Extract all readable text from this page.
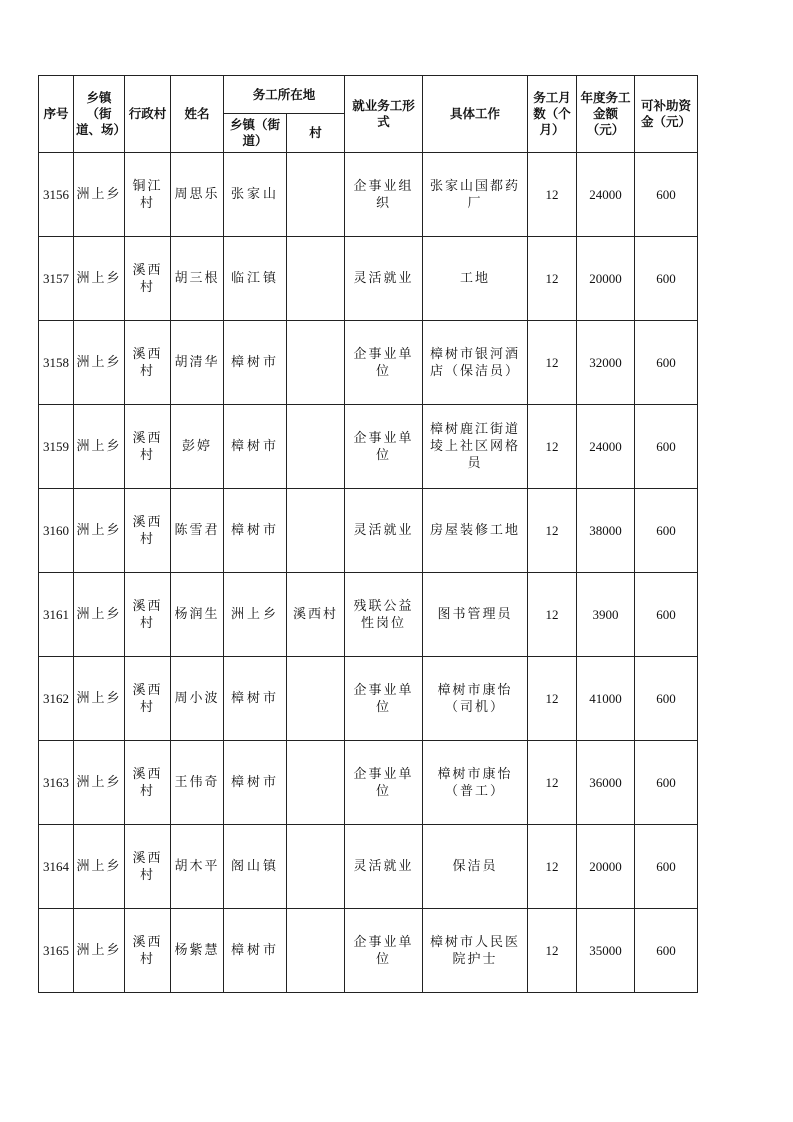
序号	乡镇（街道、场）	行政村	姓名	务工所在地		就业务工形式	具体工作	务工月数（个月）	年度务工金额（元）	可补助资金（元）
				乡镇（街道）	村					
3156	洲上乡	铜江村	周思乐	张家山		企事业组织	张家山国都药厂	12	24000	600
3157	洲上乡	溪西村	胡三根	临江镇		灵活就业	工地	12	20000	600
3158	洲上乡	溪西村	胡清华	樟树市		企事业单位	樟树市银河酒店（保洁员）	12	32000	600
3159	洲上乡	溪西村	彭婷	樟树市		企事业单位	樟树鹿江街道堎上社区网格员	12	24000	600
3160	洲上乡	溪西村	陈雪君	樟树市		灵活就业	房屋装修工地	12	38000	600
3161	洲上乡	溪西村	杨润生	洲上乡	溪西村	残联公益性岗位	图书管理员	12	3900	600
3162	洲上乡	溪西村	周小波	樟树市		企事业单位	樟树市康怡（司机）	12	41000	600
3163	洲上乡	溪西村	王伟奇	樟树市		企事业单位	樟树市康怡（普工）	12	36000	600
3164	洲上乡	溪西村	胡木平	阁山镇		灵活就业	保洁员	12	20000	600
3165	洲上乡	溪西村	杨紫慧	樟树市		企事业单位	樟树市人民医院护士	12	35000	600
